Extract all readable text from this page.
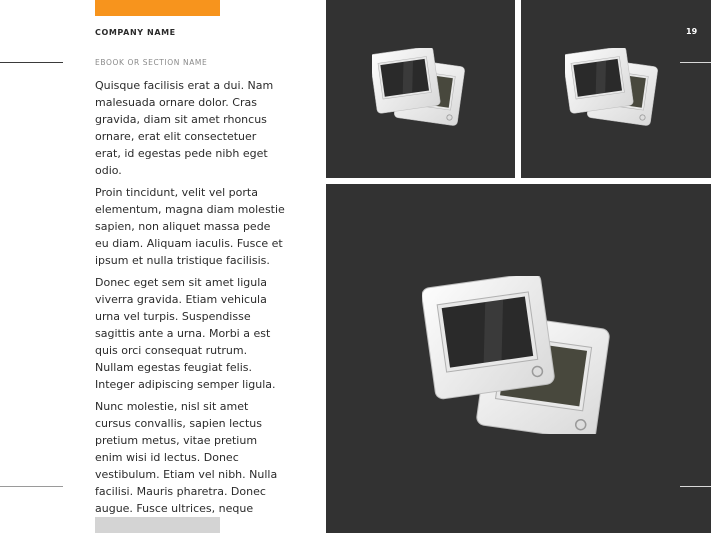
COMPANY NAME
EBOOK OR SECTION NAME

Quisque facilisis erat a dui. Nam malesuada ornare dolor. Cras gravida, diam sit amet rhoncus ornare, erat elit consectetuer erat, id egestas pede nibh eget odio.

Proin tincidunt, velit vel porta elementum, magna diam molestie sapien, non aliquet massa pede eu diam. Aliquam iaculis. Fusce et ipsum et nulla tristique facilisis.

Donec eget sem sit amet ligula viverra gravida. Etiam vehicula urna vel turpis. Suspendisse sagittis ante a urna. Morbi a est quis orci consequat rutrum. Nullam egestas feugiat felis. Integer adipiscing semper ligula.

Nunc molestie, nisl sit amet cursus convallis, sapien lectus pretium metus, vitae pretium enim wisi id lectus. Donec vestibulum. Etiam vel nibh. Nulla facilisi. Mauris pharetra. Donec augue. Fusce ultrices, neque

19
